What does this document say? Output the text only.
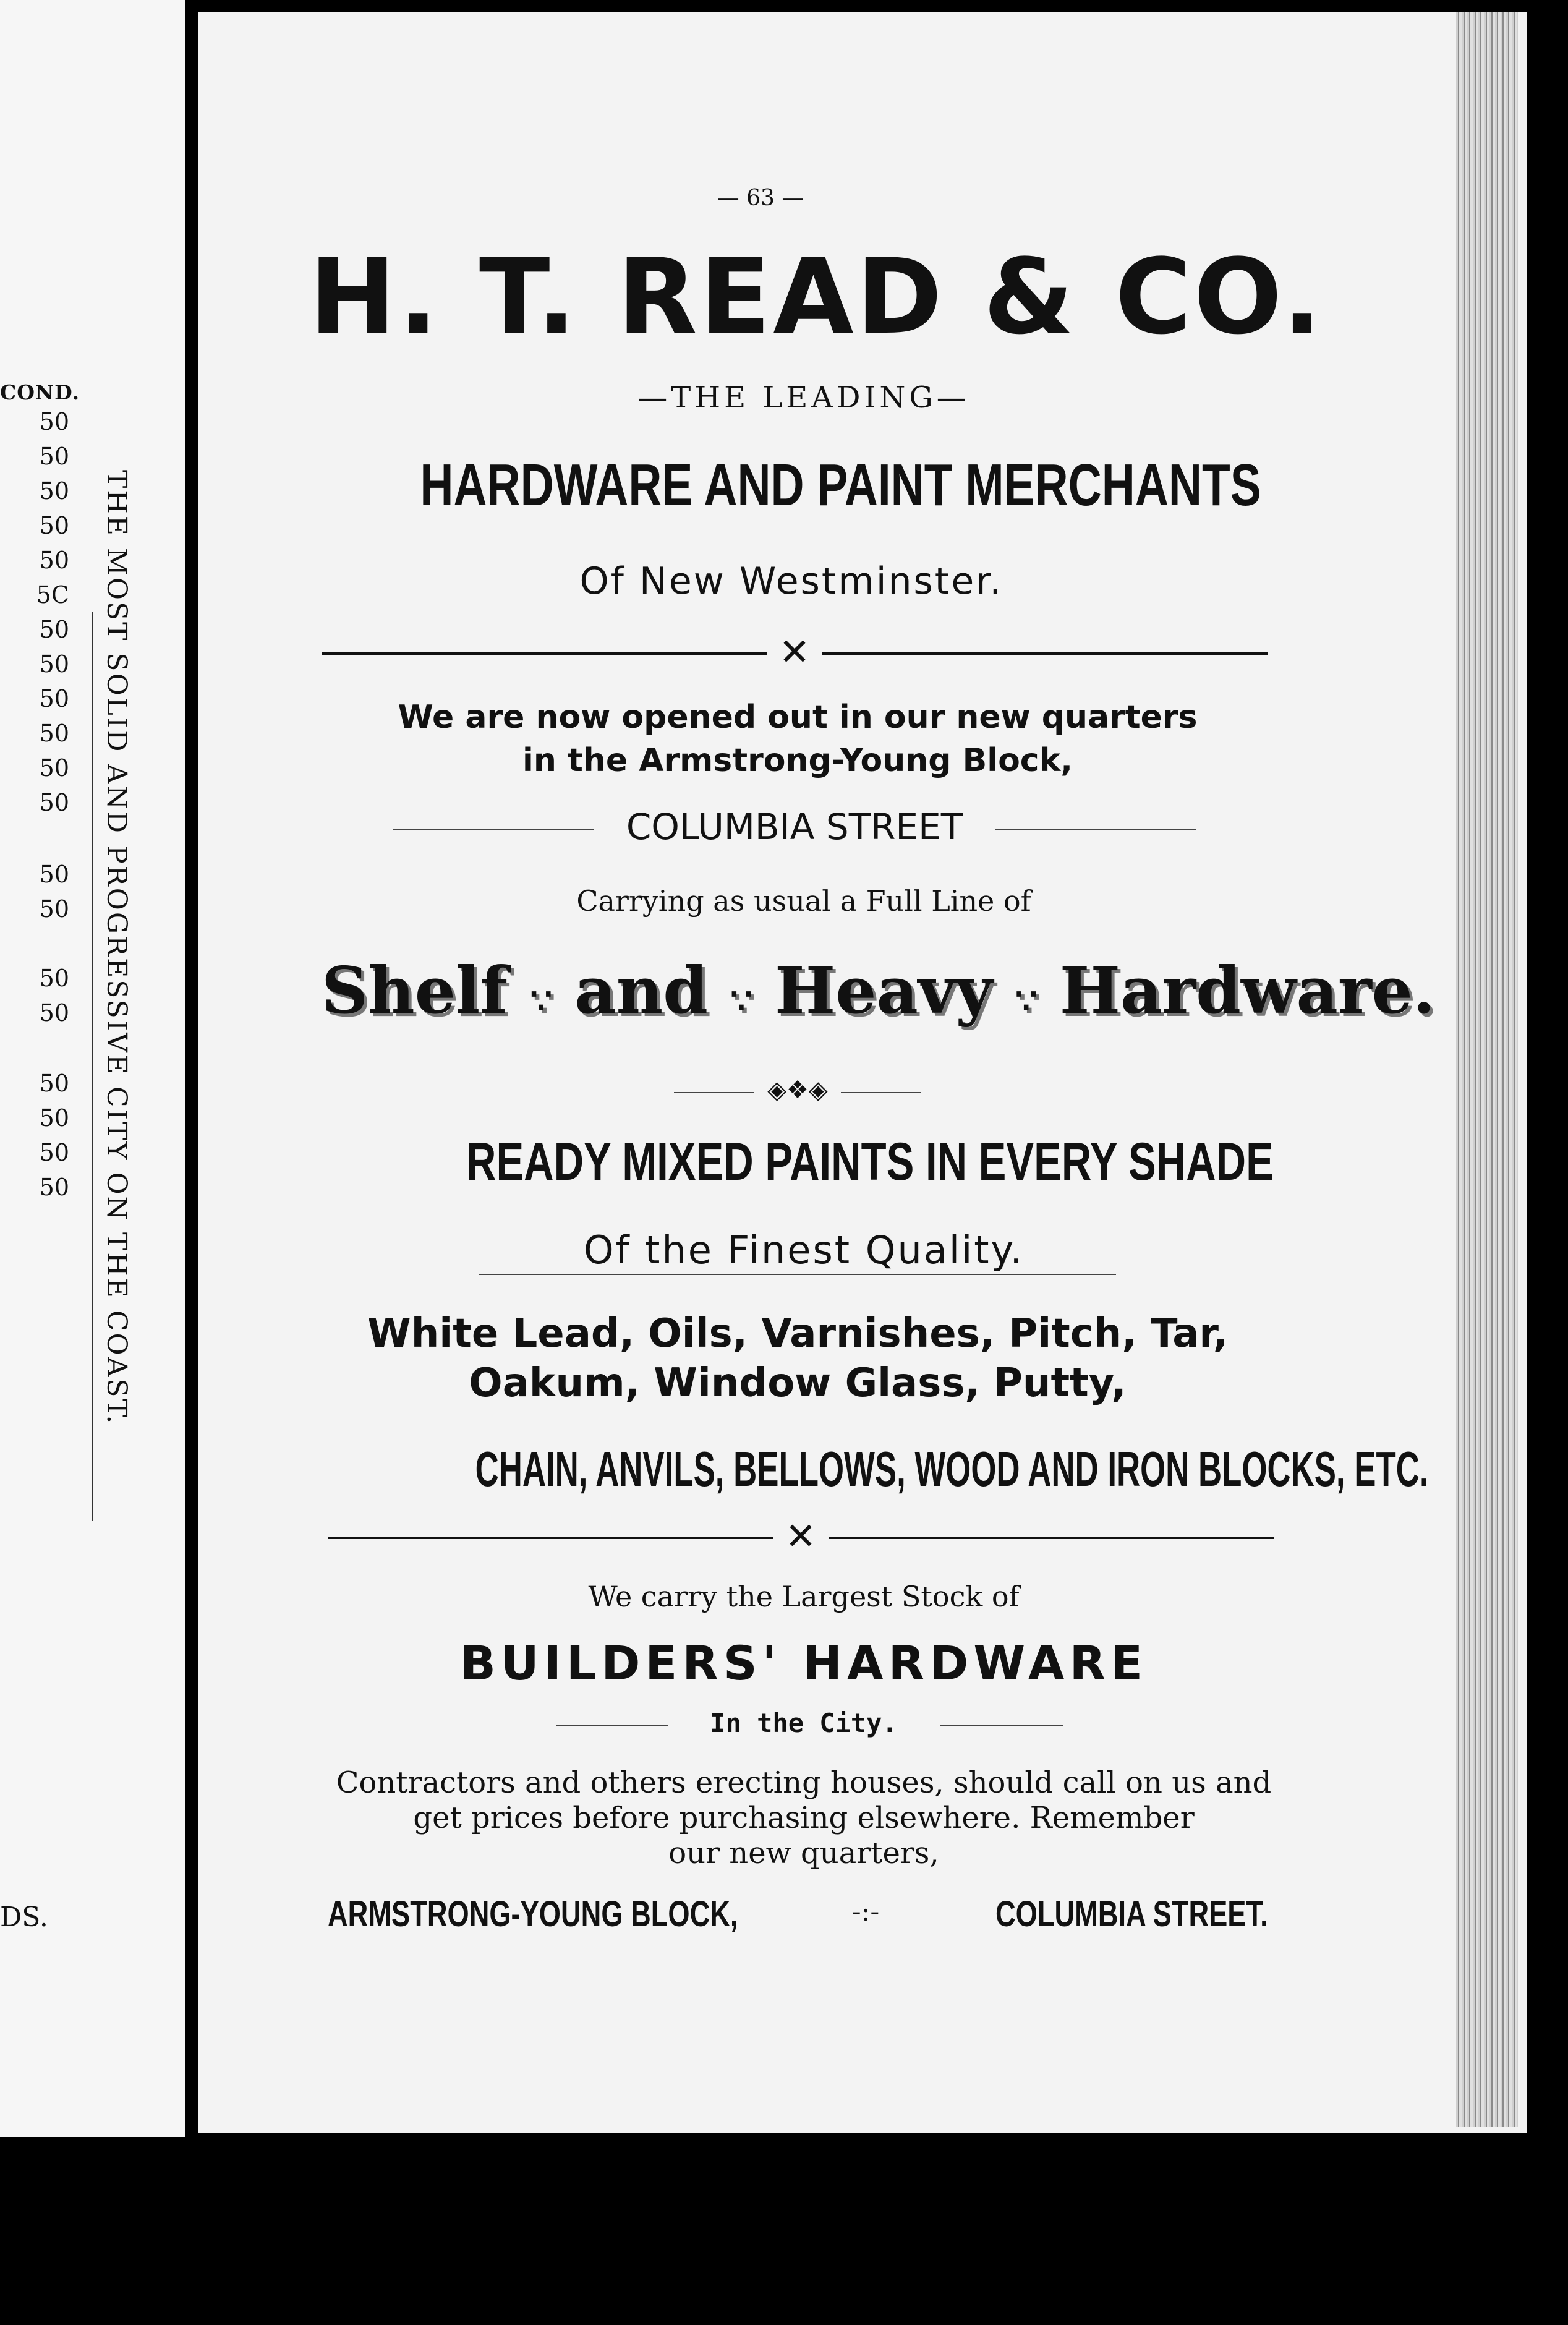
COND.
50
50
50
50
50
5C
50
50
50
50
50
50
50
50
50
50
50
50
50
50 THE MOST SOLID AND PROGRESSIVE CITY ON THE COAST.
DS.
— 63 —
H. T. READ & CO.
—THE LEADING—
HARDWARE AND PAINT MERCHANTS
Of New Westminster.
✕
We are now opened out in our new quarters
in the Armstrong-Young Block,
COLUMBIA STREET
Carrying as usual a Full Line of
Shelf ∵ and ∵ Heavy ∵ Hardware.
◈❖◈
READY MIXED PAINTS IN EVERY SHADE
Of the Finest Quality.
White Lead, Oils, Varnishes, Pitch, Tar,
Oakum, Window Glass, Putty,
CHAIN, ANVILS, BELLOWS, WOOD AND IRON BLOCKS, ETC.
✕
We carry the Largest Stock of
BUILDERS' HARDWARE
In the City.
Contractors and others erecting houses, should call on us and
get prices before purchasing elsewhere. Remember
our new quarters,
ARMSTRONG-YOUNG BLOCK,	-:-	COLUMBIA STREET.
